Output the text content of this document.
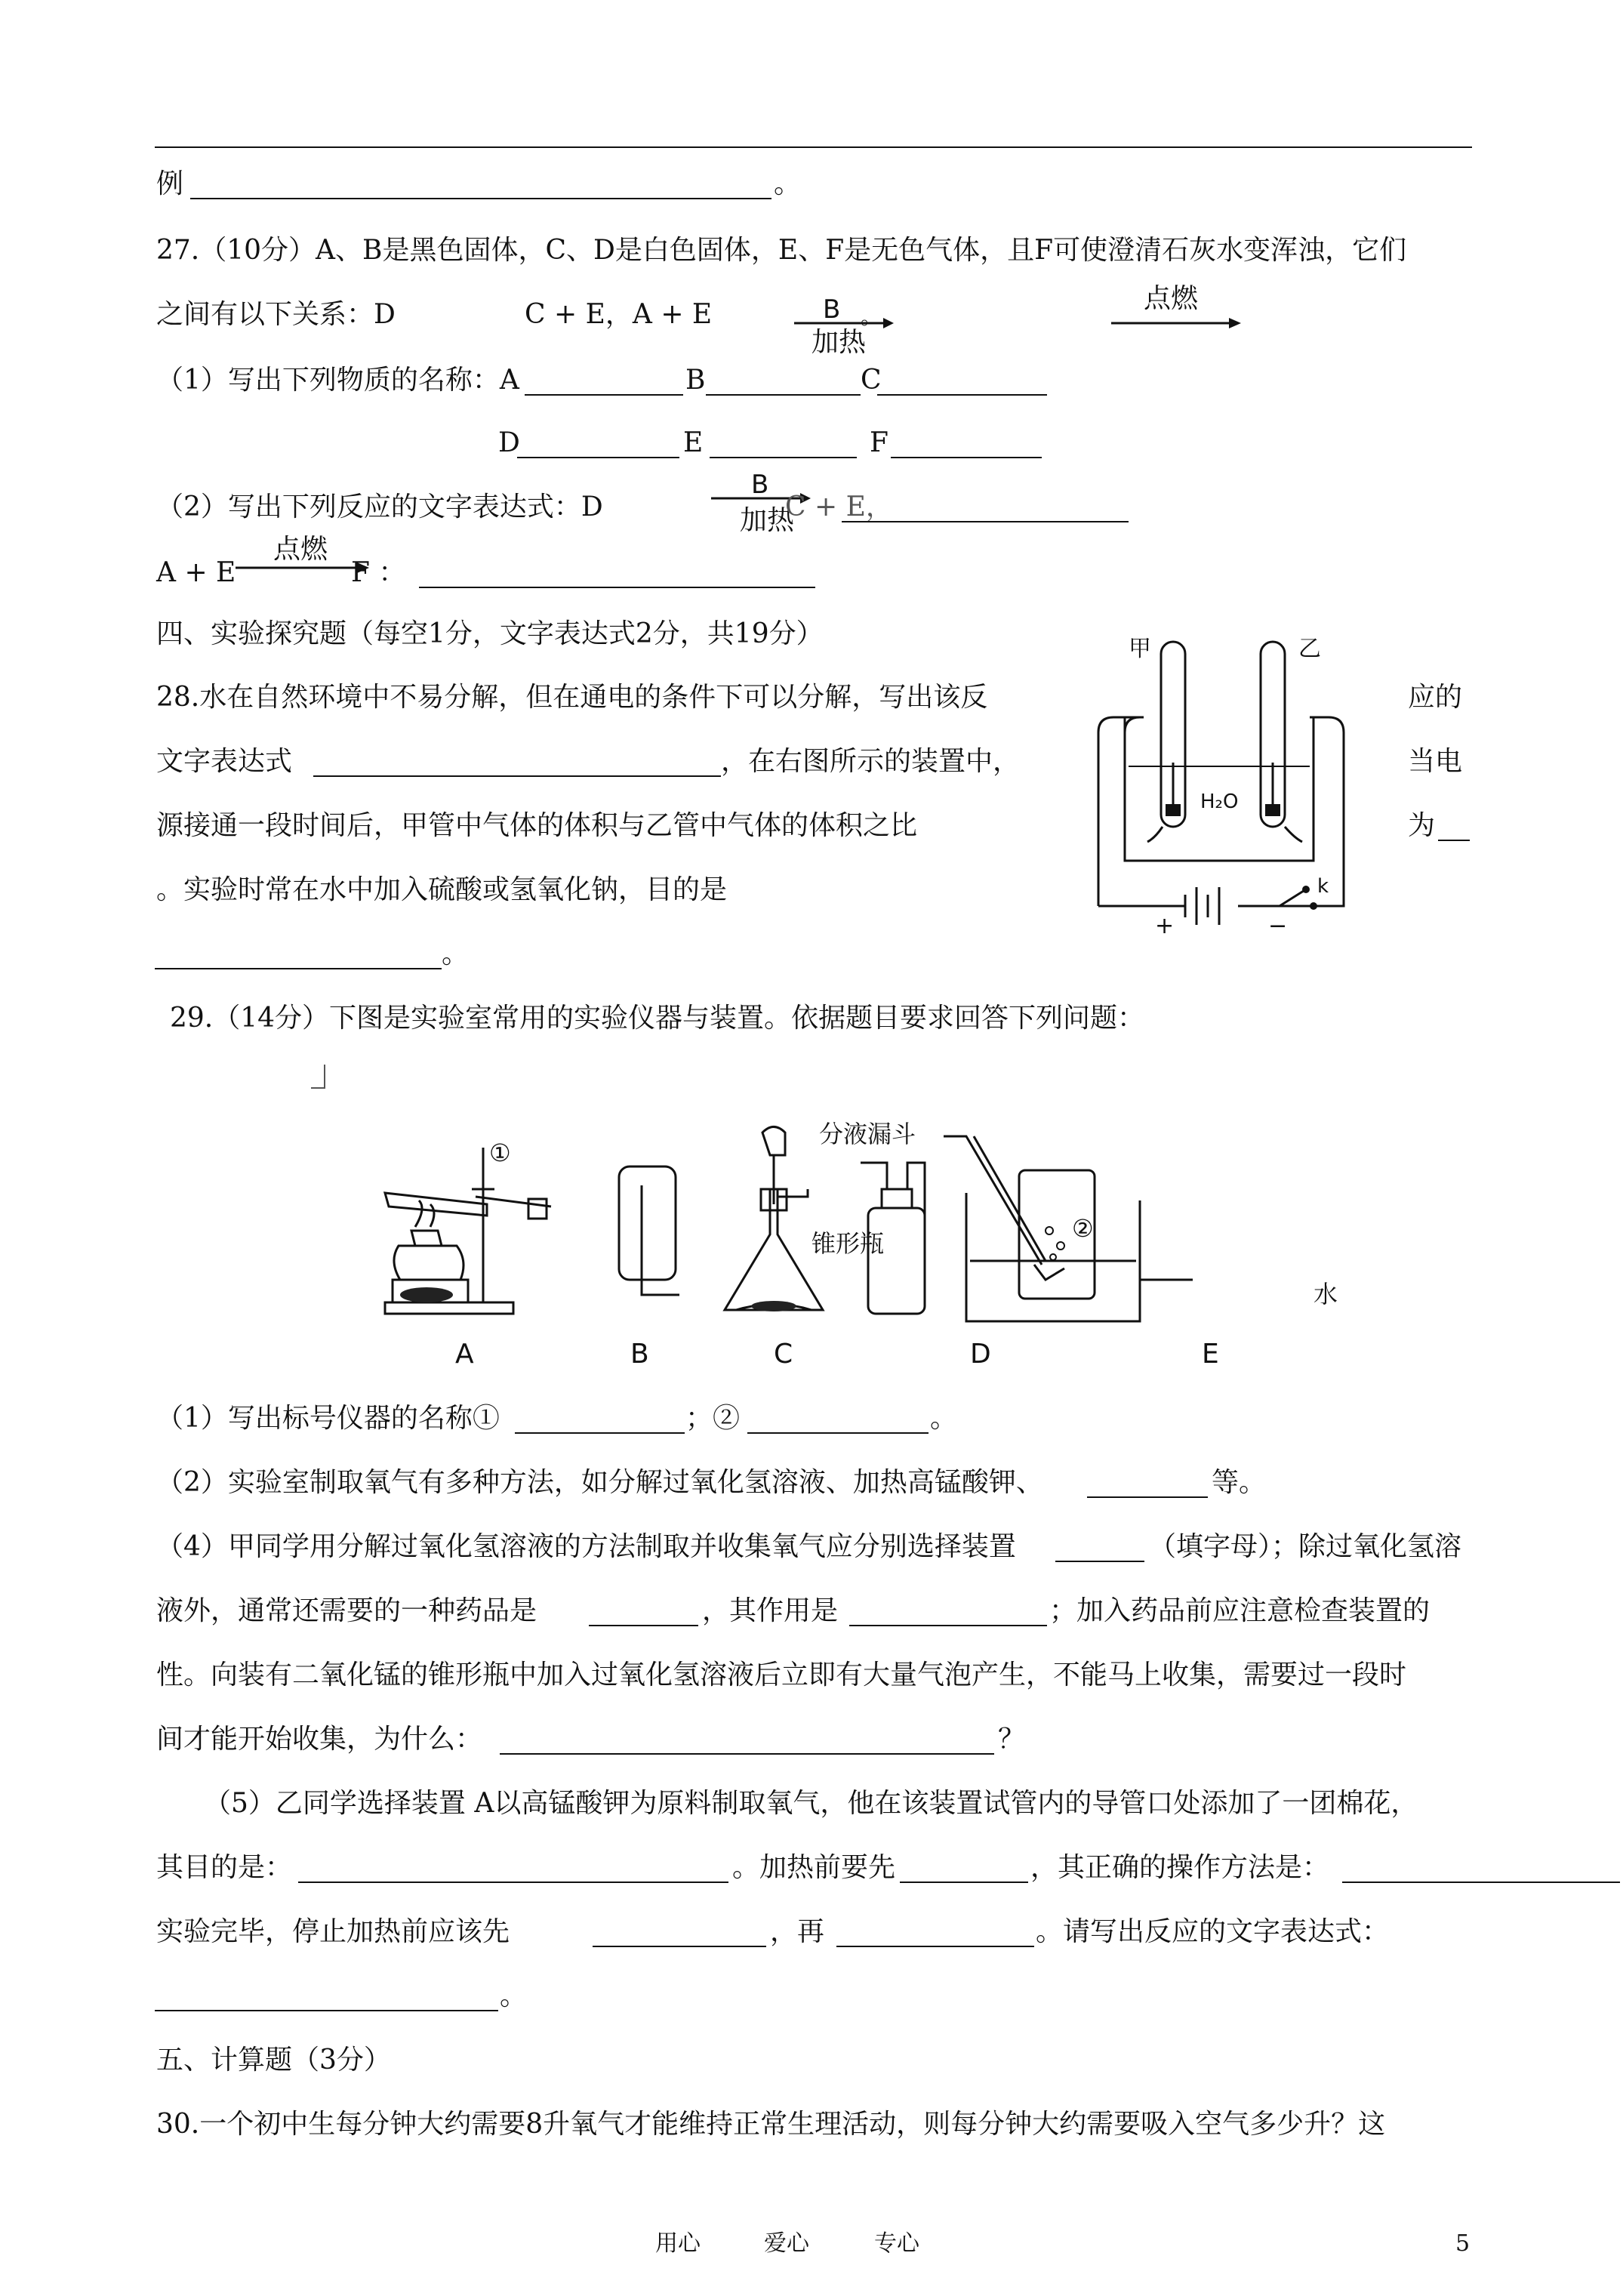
例	。
27.（10分）A、B是黑色固体，C、D是白色固体，E、F是无色气体，且F可使澄清石灰水变浑浊，它们
之间有以下关系：D	C + E，A + E	B 。
加热
点燃
（1）写出下列物质的名称：A	B	C
D	E	F
（2）写出下列反应的文字表达式：D
B
加热
C + E，
A + E
点燃
F ：
四、实验探究题（每空1分，文字表达式2分，共19分）
28.水在自然环境中不易分解，但在通电的条件下可以分解，写出该反	应的
文字表达式	，在右图所示的装置中，	当电
源接通一段时间后，甲管中气体的体积与乙管中气体的体积之比	为
。实验时常在水中加入硫酸或氢氧化钠，目的是
。
甲	乙
H₂O
k
+	−
29.（14分）下图是实验室常用的实验仪器与装置。依据题目要求回答下列问题：
①
分液漏斗
锥形瓶
②
水
A	B	C	D	E
（1）写出标号仪器的名称①	；②	。
（2）实验室制取氧气有多种方法，如分解过氧化氢溶液、加热高锰酸钾、	等。
（4）甲同学用分解过氧化氢溶液的方法制取并收集氧气应分别选择装置	（填字母）；除过氧化氢溶
液外，通常还需要的一种药品是	，其作用是	；加入药品前应注意检查装置的
性。向装有二氧化锰的锥形瓶中加入过氧化氢溶液后立即有大量气泡产生，不能马上收集，需要过一段时
间才能开始收集，为什么：	？
（5）乙同学选择装置 A以高锰酸钾为原料制取氧气，他在该装置试管内的导管口处添加了一团棉花，
其目的是：	。加热前要先	，其正确的操作方法是：
实验完毕，停止加热前应该先	，再	。请写出反应的文字表达式：
。
五、计算题（3分）
30.一个初中生每分钟大约需要8升氧气才能维持正常生理活动，则每分钟大约需要吸入空气多少升？这
用心	爱心	专心	5
